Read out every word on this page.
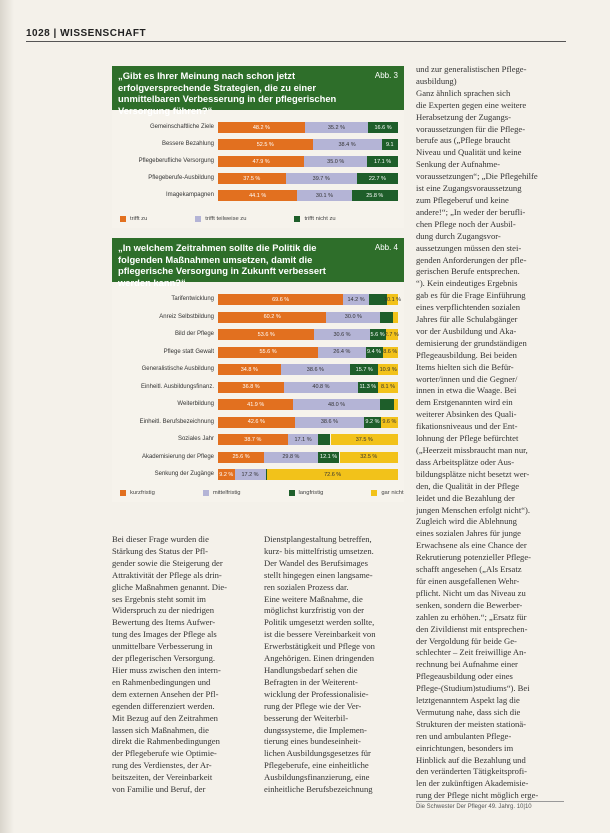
1028 | WISSENSCHAFT
„Gibt es Ihrer Meinung nach schon jetzt erfolgversprechende Strategien, die zu einer unmittelbaren Verbesserung in der pflegerischen Versorgung führen?“
Abb. 3
Gemeinschaftliche Ziele	48.2 %	35.2 %	16.6 %
Bessere Bezahlung	52.5 %	38.4 %	9.1
Pflegeberufliche Versorgung	47.9 %	35.0 %	17.1 %
Pflegeberufe-Ausbildung	37.5 %	39.7 %	22.7 %
Imagekampagnen	44.1 %	30.1 %	25.8 %
trifft zu	trifft teilweise zu	trifft nicht zu
„In welchem Zeitrahmen sollte die Politik die folgenden Maßnahmen umsetzen, damit die pflegerische Versorgung in Zukunft verbessert werden kann?“
Abb. 4
Tarifentwicklung	69.6 %	14.2 %	10.1 %
Anreiz Selbstbildung	60.2 %	30.0 %
Bild der Pflege	53.6 %	30.6 %	5.6 % 2.7 %
Pflege statt Gewalt	55.6 %	26.4 %	9.4 % 8.6 %
Generalistische Ausbildung	34.8 %	38.6 %	15.7 % 10.9 %
Einheitl. Ausbildungsfinanz.	36.8 %	40.8 %	11.3 % 8.1 %
Weiterbildung	41.9 %	48.0 %
Einheitl. Berufsbezeichnung	42.6 %	38.6 %	9.2 % 9.6 %
Soziales Jahr	38.7 %	17.1 %	37.5 %
Akademisierung der Pflege	25.6 %	29.8 %	12.1 %	32.5 %
Senkung der Zugänge 9.2 % 17.2 %	72.6 %
kurzfristig	mittelfristig	langfristig	gar nicht
und zur generalistischen Pflege-
ausbildung)
Ganz ähnlich sprachen sich
die Experten gegen eine weitere
Herabsetzung der Zugangs-
voraussetzungen für die Pflege-
berufe aus („Pflege braucht
Niveau und Qualität und keine
Senkung der Aufnahme-
voraussetzungen“; „Die Pflegehilfe
ist eine Zugangsvoraussetzung
zum Pflegeberuf und keine
andere!“; „In weder der berufli-
chen Pflege noch der Ausbil-
dung durch Zugangsvor-
aussetzungen müssen den stei-
genden Anforderungen der pfle-
gerischen Berufe entsprechen.
“). Kein eindeutiges Ergebnis
gab es für die Frage Einführung
eines verpflichtenden sozialen
Jahres für alle Schulabgänger
vor der Ausbildung und Aka-
demisierung der grundständigen
Pflegeausbildung. Bei beiden
Items hielten sich die Befür-
worter/innen und die Gegner/
innen in etwa die Waage. Bei
dem Erstgenannten wird ein
weiterer Absinken des Quali-
fikationsniveaus und der Ent-
lohnung der Pflege befürchtet
(„Heerzeit missbraucht man nur,
dass Arbeitsplätze oder Aus-
bildungsplätze nicht besetzt wer-
den, die Qualität in der Pflege
leidet und die Bezahlung der
jungen Menschen erfolgt nicht“).
Zugleich wird die Ablehnung
eines sozialen Jahres für junge
Erwachsene als eine Chance der
Rekrutierung potenzieller Pflege-
schafft angesehen („Als Ersatz
für einen ausgefallenen Wehr-
pflicht. Nicht um das Niveau zu
senken, sondern die Bewerber-
zahlen zu erhöhen.“; „Ersatz für
den Zivildienst mit entsprechen-
der Vergoldung für beide Ge-
schlechter – Zeit freiwillige An-
rechnung bei Aufnahme einer
Pflegeausbildung oder eines
Pflege-(Studium)studiums“). Bei
letztgenanntem Aspekt lag die
Vermutung nahe, dass sich die
Strukturen der meisten stationä-
ren und ambulanten Pflege-
einrichtungen, besonders im
Hinblick auf die Bezahlung und
den veränderten Tätigkeitsprofi-
len der zukünftigen Akademisie-
rung der Pflege nicht möglich erge-
Bei dieser Frage wurden die
Stärkung des Status der Pfl-
gender sowie die Steigerung der
Attraktivität der Pflege als drin-
gliche Maßnahmen genannt. Die-
ses Ergebnis steht somit im
Widerspruch zu der niedrigen
Bewertung des Items Aufwer-
tung des Images der Pflege als
unmittelbare Verbesserung in
der pflegerischen Versorgung.
Hier muss zwischen den intern-
en Rahmenbedingungen und
dem externen Ansehen der Pfl-
egenden differenziert werden.
Mit Bezug auf den Zeitrahmen
lassen sich Maßnahmen, die
direkt die Rahmenbedingungen
der Pflegeberufe wie Optimie-
rung des Verdienstes, der Ar-
beitszeiten, der Vereinbarkeit
von Familie und Beruf, der
Dienstplangestaltung betreffen,
kurz- bis mittelfristig umsetzen.
Der Wandel des Berufsimages
stellt hingegen einen langsame-
ren sozialen Prozess dar.
Eine weitere Maßnahme, die
möglichst kurzfristig von der
Politik umgesetzt werden sollte,
ist die bessere Vereinbarkeit von
Erwerbstätigkeit und Pflege von
Angehörigen. Einen dringenden
Handlungsbedarf sehen die
Befragten in der Weiterent-
wicklung der Professionalisie-
rung der Pflege wie der Ver-
besserung der Weiterbil-
dungssysteme, die Implemen-
tierung eines bundeseinheit-
lichen Ausbildungsgesetzes für
Pflegeberufe, eine einheitliche
Ausbildungsfinanzierung, eine
einheitliche Berufsbezeichnung
Die Schwester Der Pfleger 49. Jahrg. 10|10
